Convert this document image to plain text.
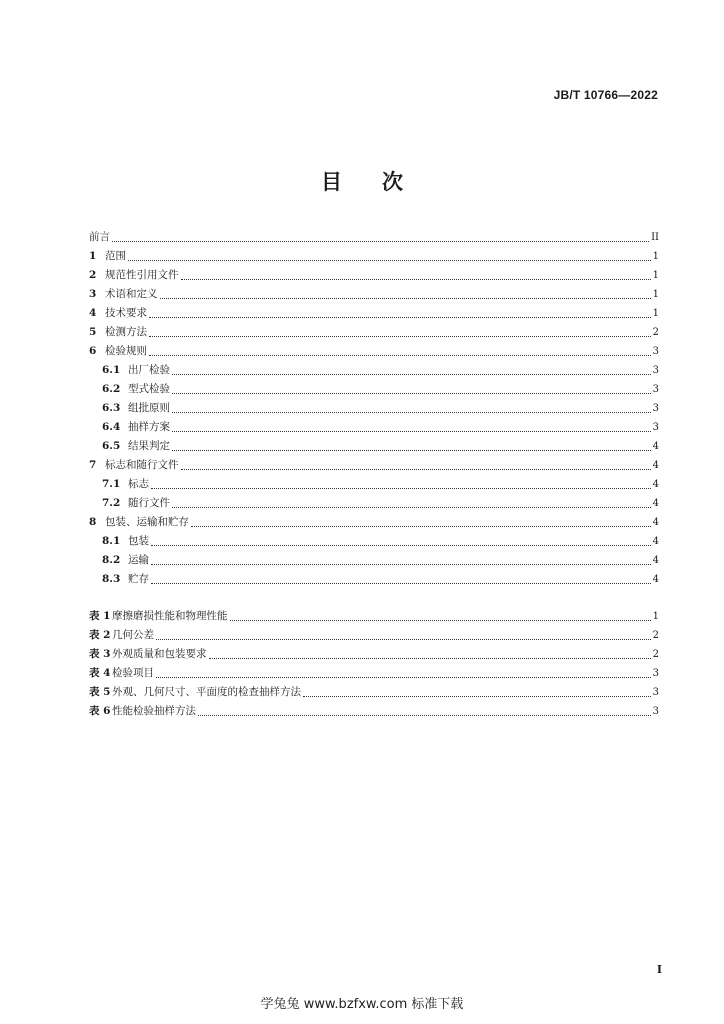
JB/T 10766—2022
目 次
前言	II
1 范围	1
2 规范性引用文件	1
3 术语和定义	1
4 技术要求	1
5 检测方法	2
6 检验规则	3
6.1 出厂检验	3
6.2 型式检验	3
6.3 组批原则	3
6.4 抽样方案	3
6.5 结果判定	4
7 标志和随行文件	4
7.1 标志	4
7.2 随行文件	4
8 包装、运输和贮存	4
8.1 包装	4
8.2 运输	4
8.3 贮存	4
表 1 摩擦磨损性能和物理性能	1
表 2 几何公差	2
表 3 外观质量和包装要求	2
表 4 检验项目	3
表 5 外观、几何尺寸、平面度的检查抽样方法	3
表 6 性能检验抽样方法	3
I
学兔兔 www.bzfxw.com 标准下载
